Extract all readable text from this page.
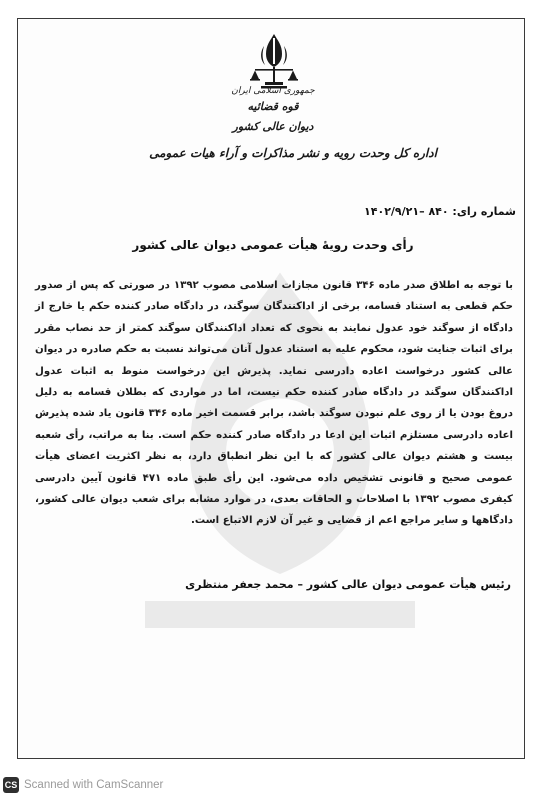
جمهوری اسلامی ایران
قوه قضائیه
دیوان عالی کشور
اداره کل وحدت رویه و نشر مذاکرات و آراء هیات عمومی
شماره رای: ۸۴۰ –۱۴۰۲/۹/۲۱
رأی وحدت رویهٔ هیأت عمومی دیوان عالی کشور
با توجه به اطلاق صدر ماده ۳۴۶ قانون مجازات اسلامی مصوب ۱۳۹۲ در صورتی که پس از صدور حکم قطعی به استناد قسامه، برخی از اداکنندگان سوگند، در دادگاه صادر کننده حکم یا خارج از دادگاه از سوگند خود عدول نمایند به نحوی که تعداد اداکنندگان سوگند کمتر از حد نصاب مقرر برای اثبات جنایت شود، محکوم علیه به استناد عدول آنان می‌تواند نسبت به حکم صادره در دیوان عالی کشور درخواست اعاده دادرسی نماید. پذیرش این درخواست منوط به اثبات عدول اداکنندگان سوگند در دادگاه صادر کننده حکم نیست، اما در مواردی که بطلان قسامه به دلیل دروغ بودن یا از روی علم نبودن سوگند باشد، برابر قسمت اخیر ماده ۳۴۶ قانون یاد شده پذیرش اعاده دادرسی مستلزم اثبات این ادعا در دادگاه صادر کننده حکم است. بنا به مراتب، رأی شعبه بیست و هشتم دیوان عالی کشور که با این نظر انطباق دارد، به نظر اکثریت اعضای هیأت عمومی صحیح و قانونی تشخیص داده می‌شود. این رأی طبق ماده ۴۷۱ قانون آیین دادرسی کیفری مصوب ۱۳۹۲ با اصلاحات و الحاقات بعدی، در موارد مشابه برای شعب دیوان عالی کشور، دادگاهها و سایر مراجع اعم از قضایی و غیر آن لازم الاتباع است.
رئیس هیأت عمومی دیوان عالی کشور – محمد جعفر منتظری
CS Scanned with CamScanner
